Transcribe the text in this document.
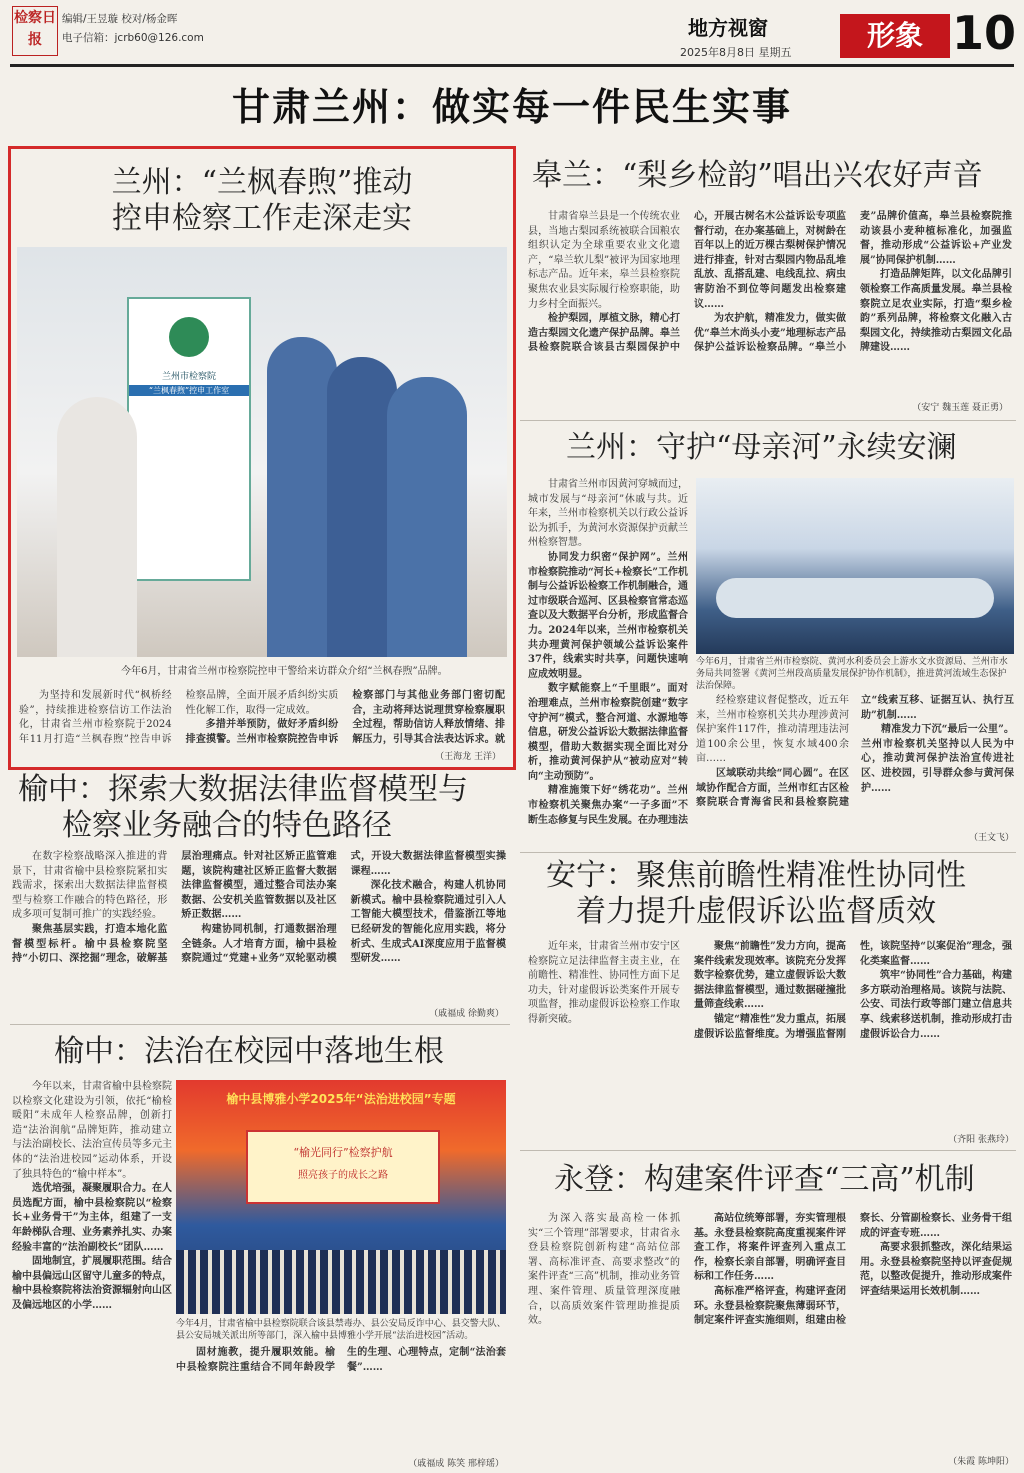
检察日报
编辑/王昱璇 校对/杨金晖
电子信箱：jcrb60@126.com	地方视窗
2025年8月8日 星期五
形象 10
甘肃兰州：做实每一件民生实事
兰州：“兰枫春煦”推动
控申检察工作走深走实
兰州市检察院
“兰枫春煦”控申工作室
今年6月，甘肃省兰州市检察院控申干警给来访群众介绍“兰枫春煦”品牌。

为坚持和发展新时代“枫桥经验”，持续推进检察信访工作法治化，甘肃省兰州市检察院于2024年11月打造“兰枫春煦”控告申诉检察品牌，全面开展矛盾纠纷实质性化解工作，取得一定成效。

多措并举预防，做好矛盾纠纷排查摸警。兰州市检察院控告申诉检察部门与其他业务部门密切配合，主动将拜达说理贯穿检察履职全过程，帮助信访人释放情绪、排解压力，引导其合法表达诉求。就

（王海龙 王洋）
皋兰：“梨乡检韵”唱出兴农好声音

甘肃省皋兰县是一个传统农业县，当地古梨园系统被联合国粮农组织认定为全球重要农业文化遗产，“皋兰软儿梨”被评为国家地理标志产品。近年来，皋兰县检察院聚焦农业县实际履行检察职能，助力乡村全面振兴。

检护梨园，厚植文脉，精心打造古梨园文化遗产保护品牌。皋兰县检察院联合该县古梨园保护中心，开展古树名木公益诉讼专项监督行动，在办案基础上，对树龄在百年以上的近万棵古梨树保护情况进行排查，针对古梨园内物品乱堆乱放、乱搭乱建、电线乱拉、病虫害防治不到位等问题发出检察建议……

为农护航，精准发力，做实做优“皋兰木尚头小麦”地理标志产品保护公益诉讼检察品牌。“皋兰小麦”品牌价值高，皋兰县检察院推动该县小麦种植标准化，加强监督，推动形成“公益诉讼+产业发展”协同保护机制……

打造品牌矩阵，以文化品牌引领检察工作高质量发展。皋兰县检察院立足农业实际，打造“梨乡检韵”系列品牌，将检察文化融入古梨园文化，持续推动古梨园文化品牌建设……

（安宁 魏玉莲 聂正勇）
兰州：守护“母亲河”永续安澜

甘肃省兰州市因黄河穿城而过，城市发展与“母亲河”休戚与共。近年来，兰州市检察机关以行政公益诉讼为抓手，为黄河水资源保护贡献兰州检察智慧。

协同发力织密“保护网”。兰州市检察院推动“河长+检察长”工作机制与公益诉讼检察工作机制融合，通过市级联合巡河、区县检察官常态巡查以及大数据平台分析，形成监督合力。2024年以来，兰州市检察机关共办理黄河保护领域公益诉讼案件37件，线索实时共享，问题快速响应成效明显。

数字赋能察上“千里眼”。面对治理难点，兰州市检察院创建“数字守护河”模式，整合河道、水源地等信息，研发公益诉讼大数据法律监督模型，借助大数据实现全面比对分析，推动黄河保护从“被动应对”转向“主动预防”。

精准施策下好“绣花功”。兰州市检察机关聚焦办案“一子多面”不断生态修复与民生发展。在办理违法

今年6月，甘肃省兰州市检察院、黄河水利委员会上游水文水资源局、兰州市水务局共同签署《黄河兰州段高质量发展保护协作机制》，推进黄河流域生态保护法治保障。

经检察建议督促整改，近五年来，兰州市检察机关共办理涉黄河保护案件117件，推动清理违法河道100余公里，恢复水域400余亩……

区域联动共绘“同心圆”。在区域协作配合方面，兰州市红古区检察院联合青海省民和县检察院建立“线索互移、证据互认、执行互助”机制……

精准发力下沉“最后一公里”。兰州市检察机关坚持以人民为中心，推动黄河保护法治宣传进社区、进校园，引导群众参与黄河保护……

（王文飞）
榆中：探索大数据法律监督模型与
检察业务融合的特色路径

在数字检察战略深入推进的背景下，甘肃省榆中县检察院紧扣实践需求，探索出大数据法律监督模型与检察工作融合的特色路径，形成多项可复制可推广的实践经验。

聚焦基层实践，打造本地化监督模型标杆。榆中县检察院坚持“小切口、深挖掘”理念，破解基层治理痛点。针对社区矫正监管难题，该院构建社区矫正监督大数据法律监督模型，通过整合司法办案数据、公安机关监管数据以及社区矫正数据……

构建协同机制，打通数据治理全链条。人才培育方面，榆中县检察院通过“党建+业务”双轮驱动模式，开设大数据法律监督模型实操课程……

深化技术融合，构建人机协同新模式。榆中县检察院通过引入人工智能大模型技术，借鉴浙江等地已经研发的智能化应用实践，将分析式、生成式AI深度应用于监督模型研发……

（戚福成 徐勤爽）
安宁：聚焦前瞻性精准性协同性
着力提升虚假诉讼监督质效

近年来，甘肃省兰州市安宁区检察院立足法律监督主责主业，在前瞻性、精准性、协同性方面下足功夫，针对虚假诉讼类案件开展专项监督，推动虚假诉讼检察工作取得新突破。

聚焦“前瞻性”发力方向，提高案件线索发现效率。该院充分发挥数字检察优势，建立虚假诉讼大数据法律监督模型，通过数据碰撞批量筛查线索……

锚定“精准性”发力重点，拓展虚假诉讼监督维度。为增强监督刚性，该院坚持“以案促治”理念，强化类案监督……

筑牢“协同性”合力基础，构建多方联动治理格局。该院与法院、公安、司法行政等部门建立信息共享、线索移送机制，推动形成打击虚假诉讼合力……

（齐阳 张燕玲）
榆中：法治在校园中落地生根

今年以来，甘肃省榆中县检察院以检察文化建设为引领，依托“榆检暖阳”未成年人检察品牌，创新打造“法治润航”品牌矩阵，推动建立与法治副校长、法治宣传员等多元主体的“法治进校园”运动体系，开设了独具特色的“榆中样本”。

选优培强，凝聚履职合力。在人员选配方面，榆中县检察院以“检察长+业务骨干”为主体，组建了一支年龄梯队合理、业务素养扎实、办案经验丰富的“法治副校长”团队……

固地制宜，扩展履职范围。结合榆中县偏远山区留守儿童多的特点，榆中县检察院将法治资源辐射向山区及偏远地区的小学……

榆中县博雅小学2025年“法治进校园”专题
“榆光同行”检察护航
照亮孩子的成长之路
今年4月，甘肃省榆中县检察院联合该县禁毒办、县公安局反诈中心、县交警大队、县公安局城关派出所等部门，深入榆中县博雅小学开展“法治进校园”活动。

固材施教，提升履职效能。榆中县检察院注重结合不同年龄段学生的生理、心理特点，定制“法治套餐”……

（戚福成 陈笑 邢梓瑶）
永登：构建案件评查“三高”机制

为深入落实最高检一体抓实“三个管理”部署要求，甘肃省永登县检察院创新构建“高站位部署、高标准评查、高要求整改”的案件评查“三高”机制，推动业务管理、案件管理、质量管理深度融合，以高质效案件管理助推提质效。

高站位统筹部署，夯实管理根基。永登县检察院高度重视案件评查工作，将案件评查列入重点工作，检察长亲自部署，明确评查目标和工作任务……

高标准严格评查，构建评查闭环。永登县检察院聚焦薄弱环节，制定案件评查实施细则，组建由检察长、分管副检察长、业务骨干组成的评查专班……

高要求狠抓整改，深化结果运用。永登县检察院坚持以评查促规范，以整改促提升，推动形成案件评查结果运用长效机制……

（朱霞 陈坤阳）
